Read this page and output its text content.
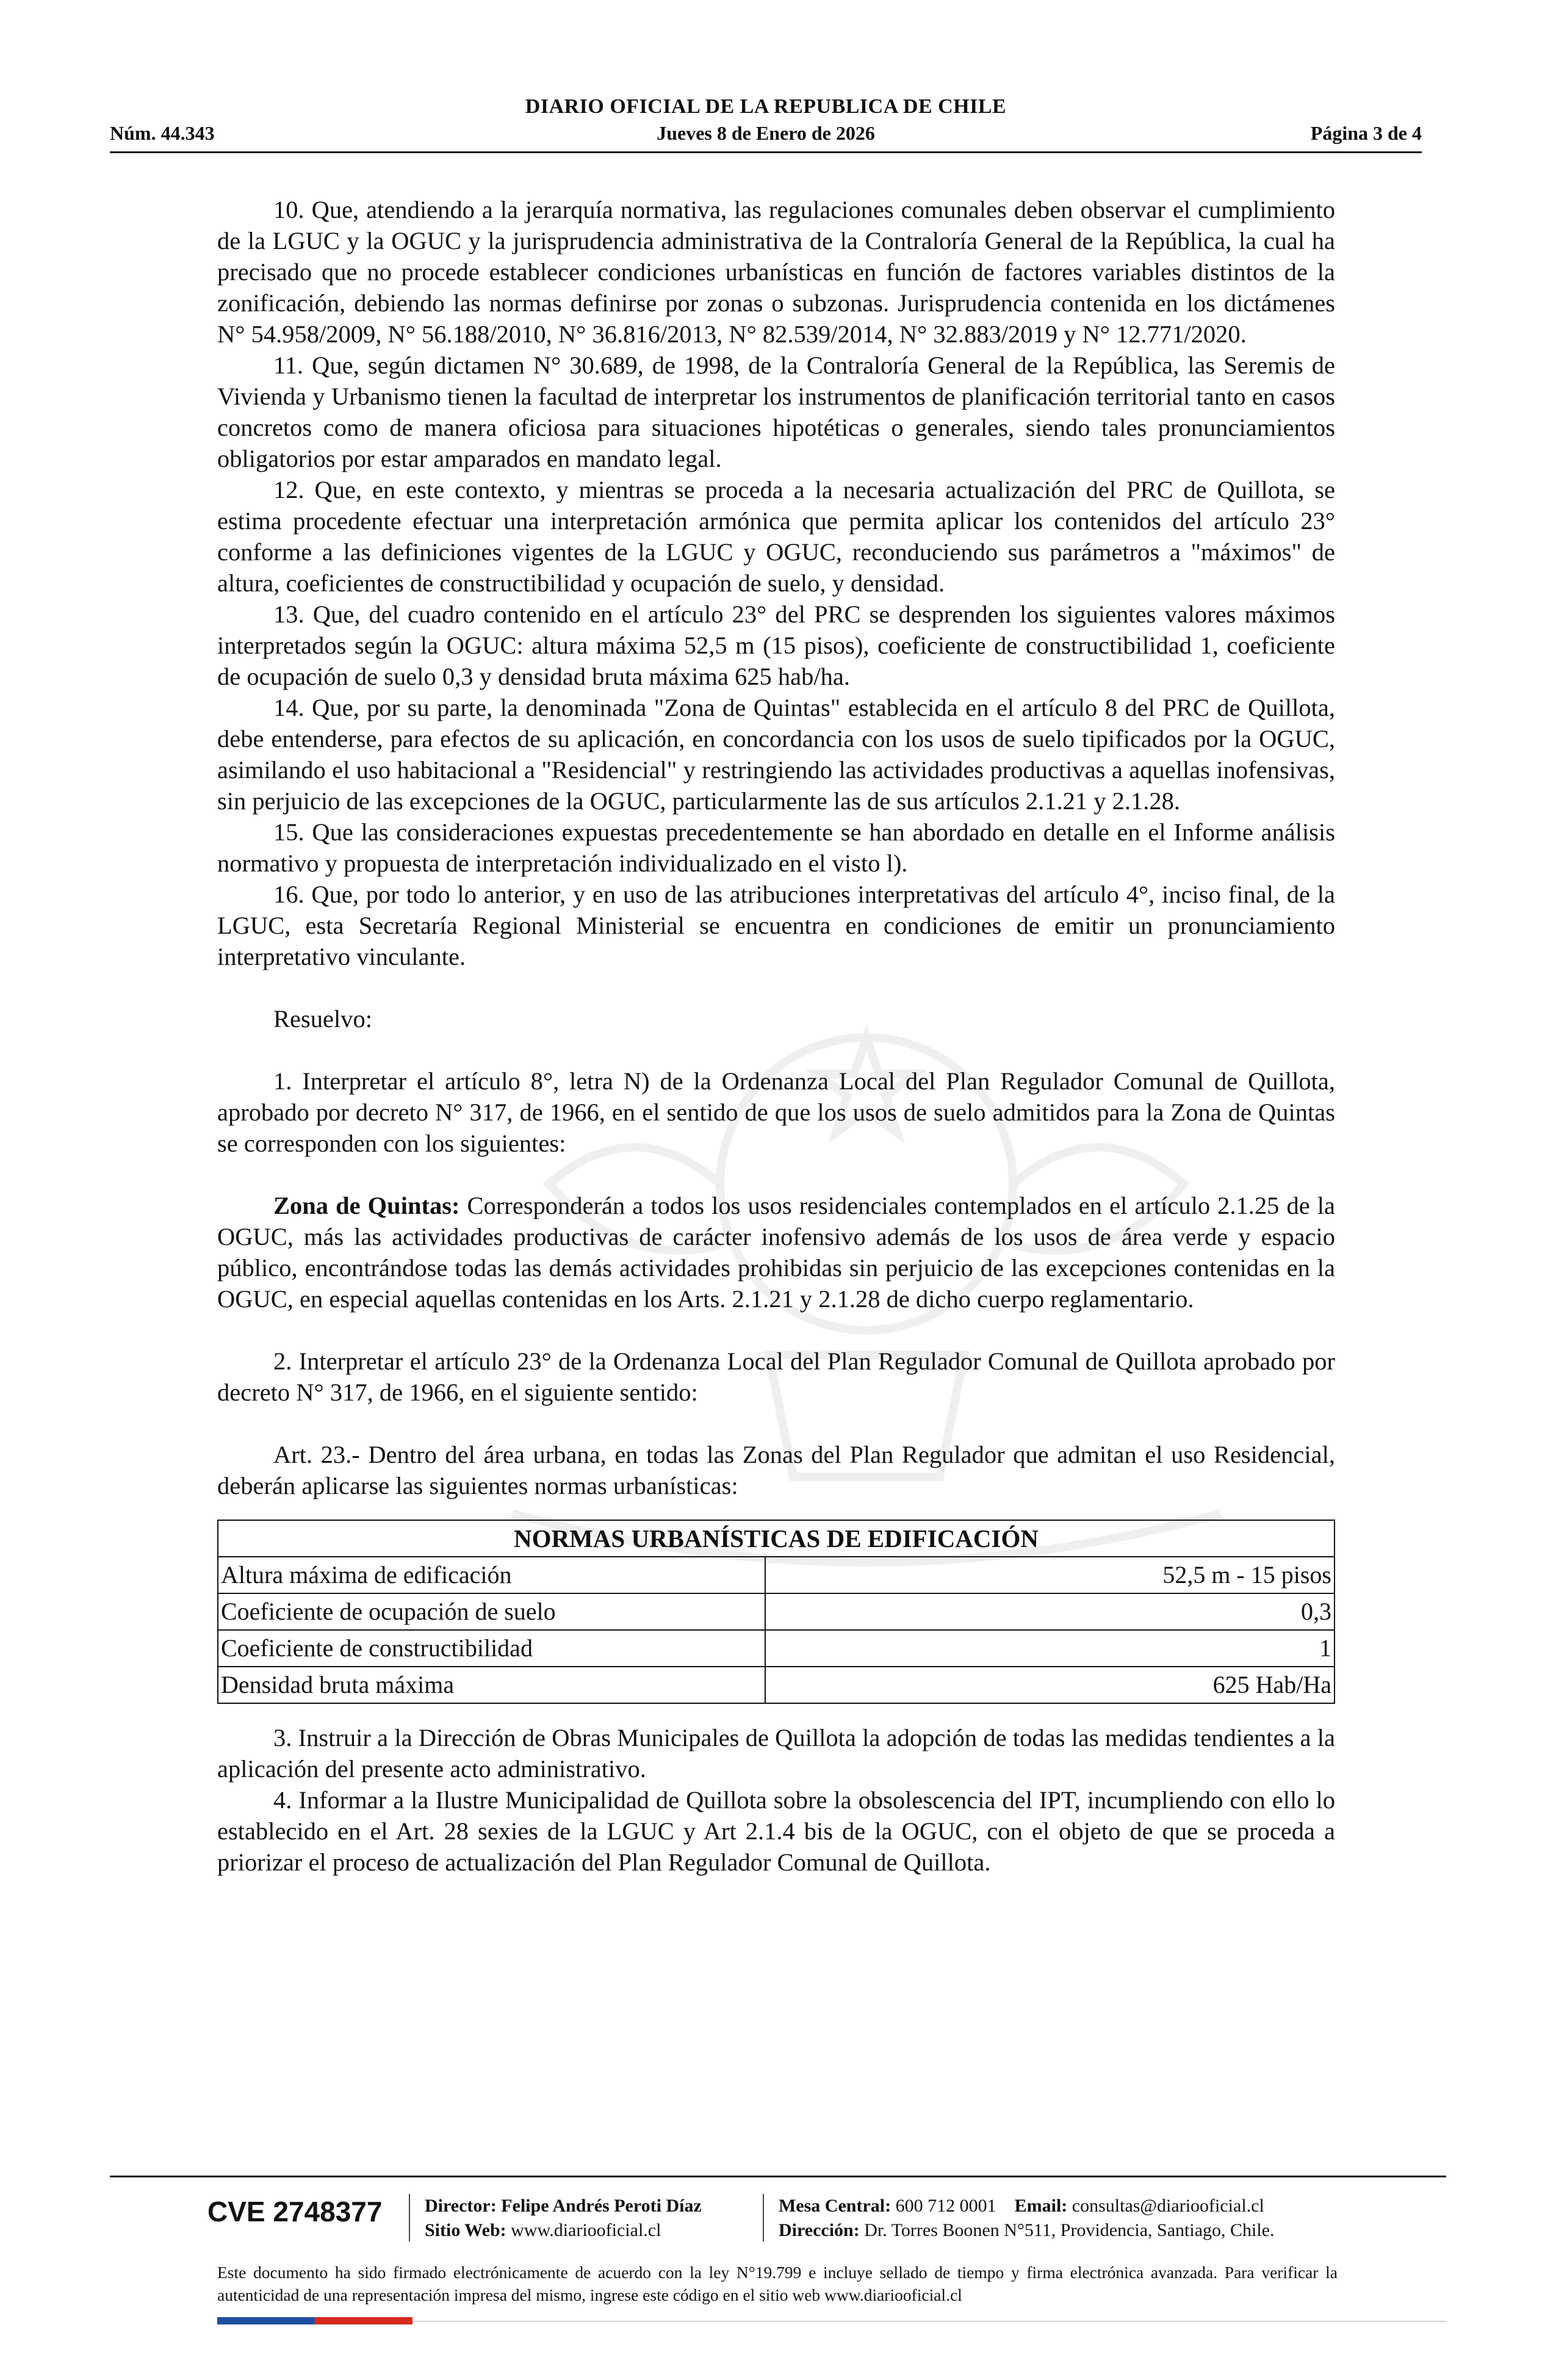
DIARIO OFICIAL DE LA REPUBLICA DE CHILE
Núm. 44.343	Jueves 8 de Enero de 2026	Página 3 de 4

10. Que, atendiendo a la jerarquía normativa, las regulaciones comunales deben observar el cumplimiento de la LGUC y la OGUC y la jurisprudencia administrativa de la Contraloría General de la República, la cual ha precisado que no procede establecer condiciones urbanísticas en función de factores variables distintos de la zonificación, debiendo las normas definirse por zonas o subzonas. Jurisprudencia contenida en los dictámenes N° 54.958/2009, N° 56.188/2010, N° 36.816/2013, N° 82.539/2014, N° 32.883/2019 y N° 12.771/2020.

11. Que, según dictamen N° 30.689, de 1998, de la Contraloría General de la República, las Seremis de Vivienda y Urbanismo tienen la facultad de interpretar los instrumentos de planificación territorial tanto en casos concretos como de manera oficiosa para situaciones hipotéticas o generales, siendo tales pronunciamientos obligatorios por estar amparados en mandato legal.

12. Que, en este contexto, y mientras se proceda a la necesaria actualización del PRC de Quillota, se estima procedente efectuar una interpretación armónica que permita aplicar los contenidos del artículo 23° conforme a las definiciones vigentes de la LGUC y OGUC, reconduciendo sus parámetros a "máximos" de altura, coeficientes de constructibilidad y ocupación de suelo, y densidad.

13. Que, del cuadro contenido en el artículo 23° del PRC se desprenden los siguientes valores máximos interpretados según la OGUC: altura máxima 52,5 m (15 pisos), coeficiente de constructibilidad 1, coeficiente de ocupación de suelo 0,3 y densidad bruta máxima 625 hab/ha.

14. Que, por su parte, la denominada "Zona de Quintas" establecida en el artículo 8 del PRC de Quillota, debe entenderse, para efectos de su aplicación, en concordancia con los usos de suelo tipificados por la OGUC, asimilando el uso habitacional a "Residencial" y restringiendo las actividades productivas a aquellas inofensivas, sin perjuicio de las excepciones de la OGUC, particularmente las de sus artículos 2.1.21 y 2.1.28.

15. Que las consideraciones expuestas precedentemente se han abordado en detalle en el Informe análisis normativo y propuesta de interpretación individualizado en el visto l).

16. Que, por todo lo anterior, y en uso de las atribuciones interpretativas del artículo 4°, inciso final, de la LGUC, esta Secretaría Regional Ministerial se encuentra en condiciones de emitir un pronunciamiento interpretativo vinculante.

Resuelvo:

1. Interpretar el artículo 8°, letra N) de la Ordenanza Local del Plan Regulador Comunal de Quillota, aprobado por decreto N° 317, de 1966, en el sentido de que los usos de suelo admitidos para la Zona de Quintas se corresponden con los siguientes:

Zona de Quintas: Corresponderán a todos los usos residenciales contemplados en el artículo 2.1.25 de la OGUC, más las actividades productivas de carácter inofensivo además de los usos de área verde y espacio público, encontrándose todas las demás actividades prohibidas sin perjuicio de las excepciones contenidas en la OGUC, en especial aquellas contenidas en los Arts. 2.1.21 y 2.1.28 de dicho cuerpo reglamentario.

2. Interpretar el artículo 23° de la Ordenanza Local del Plan Regulador Comunal de Quillota aprobado por decreto N° 317, de 1966, en el siguiente sentido:

Art. 23.- Dentro del área urbana, en todas las Zonas del Plan Regulador que admitan el uso Residencial, deberán aplicarse las siguientes normas urbanísticas:

NORMAS URBANÍSTICAS DE EDIFICACIÓN	
Altura máxima de edificación	52,5 m - 15 pisos
Coeficiente de ocupación de suelo	0,3
Coeficiente de constructibilidad	1
Densidad bruta máxima	625 Hab/Ha

3. Instruir a la Dirección de Obras Municipales de Quillota la adopción de todas las medidas tendientes a la aplicación del presente acto administrativo.

4. Informar a la Ilustre Municipalidad de Quillota sobre la obsolescencia del IPT, incumpliendo con ello lo establecido en el Art. 28 sexies de la LGUC y Art 2.1.4 bis de la OGUC, con el objeto de que se proceda a priorizar el proceso de actualización del Plan Regulador Comunal de Quillota.

CVE 2748377 Director: Felipe Andrés Peroti Díaz
Sitio Web: www.diariooficial.cl
Mesa Central: 600 712 0001 Email: consultas@diariooficial.cl
Dirección: Dr. Torres Boonen N°511, Providencia, Santiago, Chile.
Este documento ha sido firmado electrónicamente de acuerdo con la ley N°19.799 e incluye sellado de tiempo y firma electrónica avanzada. Para verificar la autenticidad de una representación impresa del mismo, ingrese este código en el sitio web www.diariooficial.cl
